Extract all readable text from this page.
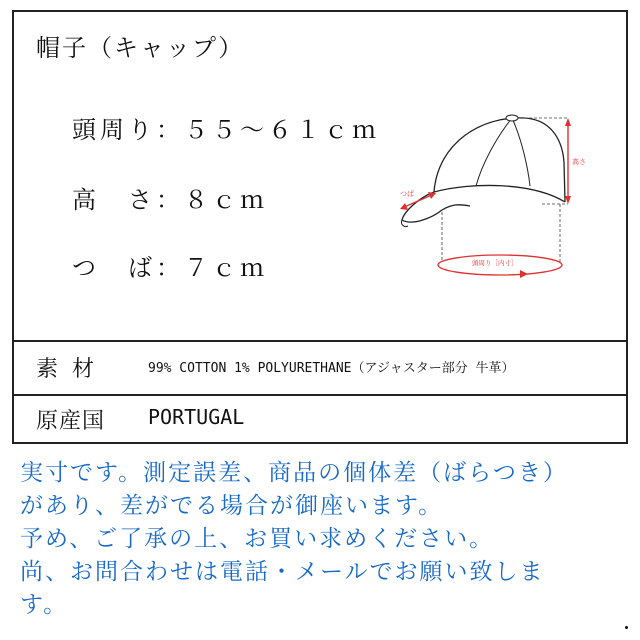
帽子（キャップ）
頭周り：５５～６１ｃｍ
高　さ：８ｃｍ
つ　ば：７ｃｍ
高さ
つば
頭周り［内寸］
素材	99% COTTON 1% POLYURETHANE（アジャスター部分 牛革）
原産国 PORTUGAL
実寸です。測定誤差、商品の個体差（ばらつき）
があり、差がでる場合が御座います。
予め、ご了承の上、お買い求めください。
尚、お問合わせは電話・メールでお願い致しま
す。
